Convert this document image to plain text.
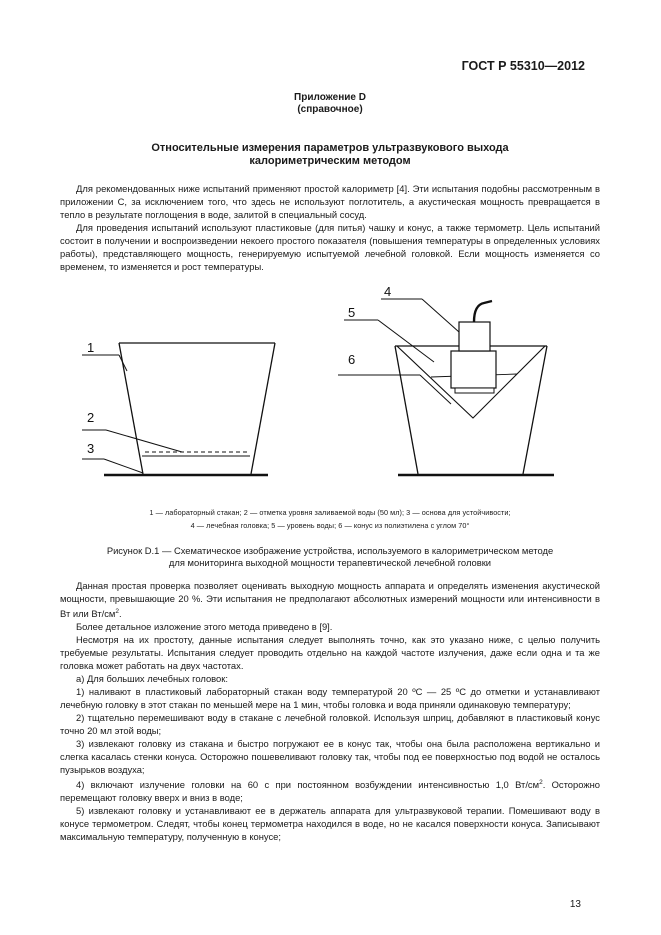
ГОСТ Р 55310—2012
Приложение D
(справочное)
Относительные измерения параметров ультразвукового выхода
калориметрическим методом

Для рекомендованных ниже испытаний применяют простой калориметр [4]. Эти испытания подобны рассмотренным в приложении C, за исключением того, что здесь не используют поглотитель, а акустическая мощность превращается в тепло в результате поглощения в воде, залитой в специальный сосуд.

Для проведения испытаний используют пластиковые (для питья) чашку и конус, а также термометр. Цель испытаний состоит в получении и воспроизведении некоего простого показателя (повышения температуры в определенных условиях работы), представляющего мощность, генерируемую испытуемой лечебной головкой. Если мощность изменяется со временем, то изменяется и рост температуры.

1
2
3
4
5
6
1 — лабораторный стакан; 2 — отметка уровня заливаемой воды (50 мл); 3 — основа для устойчивости;
4 — лечебная головка; 5 — уровень воды; 6 — конус из полиэтилена с углом 70°
Рисунок D.1 — Схематическое изображение устройства, используемого в калориметрическом методе
для мониторинга выходной мощности терапевтической лечебной головки

Данная простая проверка позволяет оценивать выходную мощность аппарата и определять изменения акустической мощности, превышающие 20 %. Эти испытания не предполагают абсолютных измерений мощности или интенсивности в Вт или $Вт/см^2$.

Более детальное изложение этого метода приведено в [9].

Несмотря на их простоту, данные испытания следует выполнять точно, как это указано ниже, с целью получить требуемые результаты. Испытания следует проводить отдельно на каждой частоте излучения, даже если одна и та же головка может работать на двух частотах.

а) Для больших лечебных головок:

1) наливают в пластиковый лабораторный стакан воду температурой 20 ºC — 25 ºC до отметки и устанавливают лечебную головку в этот стакан по меньшей мере на 1 мин, чтобы головка и вода приняли одинаковую температуру;

2) тщательно перемешивают воду в стакане с лечебной головкой. Используя шприц, добавляют в пластиковый конус точно 20 мл этой воды;

3) извлекают головку из стакана и быстро погружают ее в конус так, чтобы она была расположена вертикально и слегка касалась стенки конуса. Осторожно пошевеливают головку так, чтобы под ее поверхностью под водой не осталось пузырьков воздуха;

4) включают излучение головки на 60 с при постоянном возбуждении интенсивностью 1,0 $Вт/см^2$. Осторожно перемещают головку вверх и вниз в воде;

5) извлекают головку и устанавливают ее в держатель аппарата для ультразвуковой терапии. Помешивают воду в конусе термометром. Следят, чтобы конец термометра находился в воде, но не касался поверхности конуса. Записывают максимальную температуру, полученную в конусе;

13
